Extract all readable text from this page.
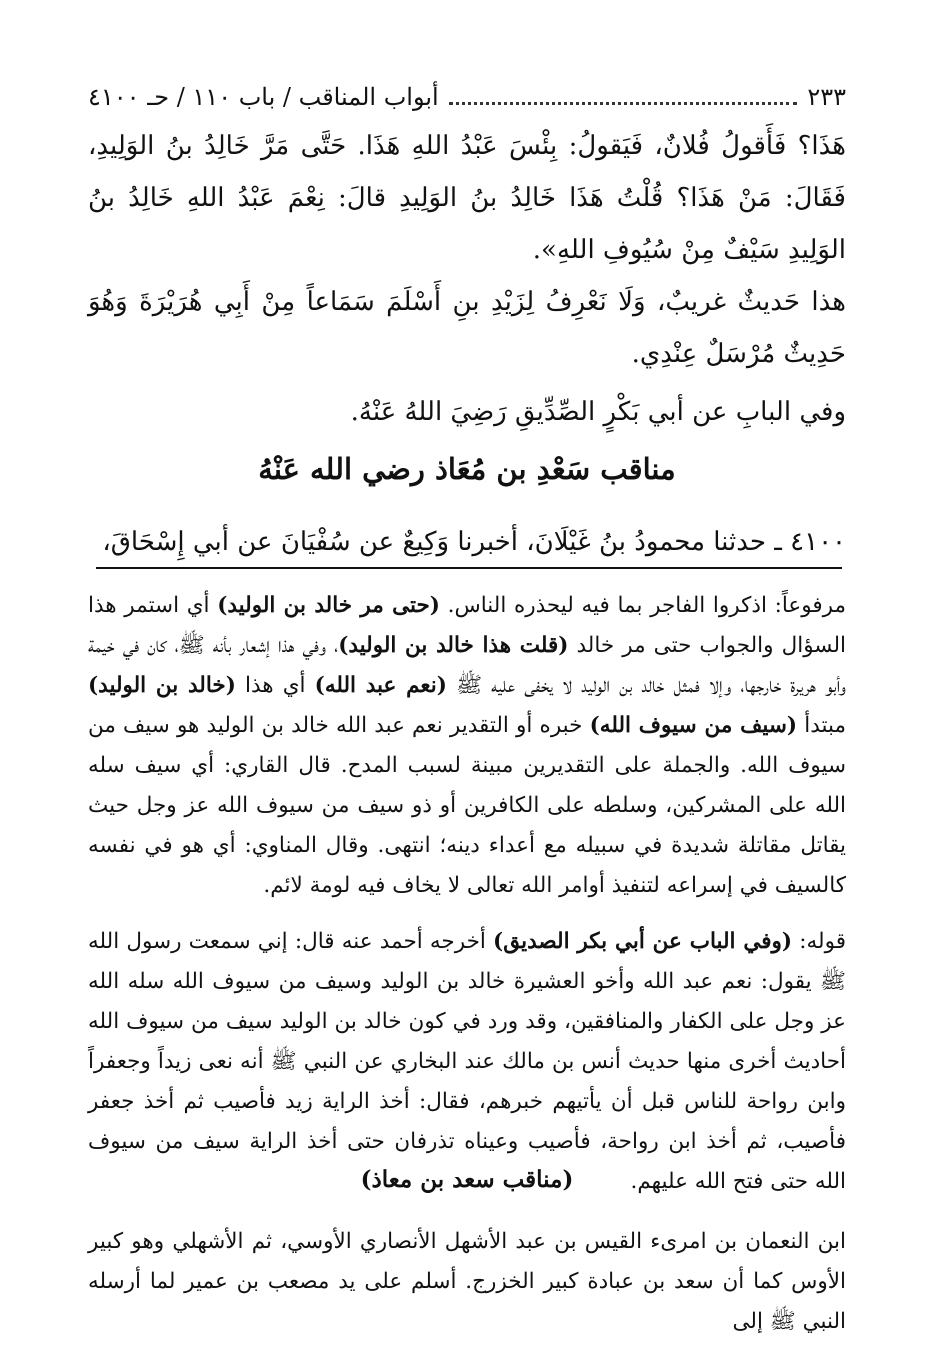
أبواب المناقب / باب ١١٠ / حـ ٤١٠٠	٢٣٣

هَذَا؟ فَأَقولُ فُلانٌ، فَيَقولُ: بِئْسَ عَبْدُ اللهِ هَذَا. حَتَّى مَرَّ خَالِدُ بنُ الوَلِيدِ، فَقَالَ: مَنْ هَذَا؟ قُلْتُ هَذَا خَالِدُ بنُ الوَلِيدِ قالَ: نِعْمَ عَبْدُ اللهِ خَالِدُ بنُ الوَلِيدِ سَيْفٌ مِنْ سُيُوفِ اللهِ».

هذا حَديثٌ غريبٌ، وَلَا نَعْرِفُ لِزَيْدِ بنِ أَسْلَمَ سَمَاعاً مِنْ أَبِي هُرَيْرَةَ وَهُوَ حَدِيثٌ مُرْسَلٌ عِنْدِي.

وفي البابِ عن أبي بَكْرٍ الصِّدِّيقِ رَضِيَ اللهُ عَنْهُ.

مناقب سَعْدِ بن مُعَاذ رضي الله عَنْهُ
٤١٠٠ ـ حدثنا محمودُ بنُ غَيْلَانَ، أخبرنا وَكِيعٌ عن سُفْيَانَ عن أبي إِسْحَاقَ،

مرفوعاً: اذكروا الفاجر بما فيه ليحذره الناس. (حتى مر خالد بن الوليد) أي استمر هذا السؤال والجواب حتى مر خالد (قلت هذا خالد بن الوليد)، وفي هذا إشعار بأنه ﷺ، كان في خيمة وأبو هريرة خارجها، وإلا فمثل خالد بن الوليد لا يخفى عليه ﷺ (نعم عبد الله) أي هذا (خالد بن الوليد) مبتدأ (سيف من سيوف الله) خبره أو التقدير نعم عبد الله خالد بن الوليد هو سيف من سيوف الله. والجملة على التقديرين مبينة لسبب المدح. قال القاري: أي سيف سله الله على المشركين، وسلطه على الكافرين أو ذو سيف من سيوف الله عز وجل حيث يقاتل مقاتلة شديدة في سبيله مع أعداء دينه؛ انتهى. وقال المناوي: أي هو في نفسه كالسيف في إسراعه لتنفيذ أوامر الله تعالى لا يخاف فيه لومة لائم.

قوله: (وفي الباب عن أبي بكر الصديق) أخرجه أحمد عنه قال: إني سمعت رسول الله ﷺ يقول: نعم عبد الله وأخو العشيرة خالد بن الوليد وسيف من سيوف الله سله الله عز وجل على الكفار والمنافقين، وقد ورد في كون خالد بن الوليد سيف من سيوف الله أحاديث أخرى منها حديث أنس بن مالك عند البخاري عن النبي ﷺ أنه نعى زيداً وجعفراً وابن رواحة للناس قبل أن يأتيهم خبرهم، فقال: أخذ الراية زيد فأصيب ثم أخذ جعفر فأصيب، ثم أخذ ابن رواحة، فأصيب وعيناه تذرفان حتى أخذ الراية سيف من سيوف الله حتى فتح الله عليهم.

(مناقب سعد بن معاذ)

ابن النعمان بن امرىء القيس بن عبد الأشهل الأنصاري الأوسي، ثم الأشهلي وهو كبير الأوس كما أن سعد بن عبادة كبير الخزرج. أسلم على يد مصعب بن عمير لما أرسله النبي ﷺ إلى
